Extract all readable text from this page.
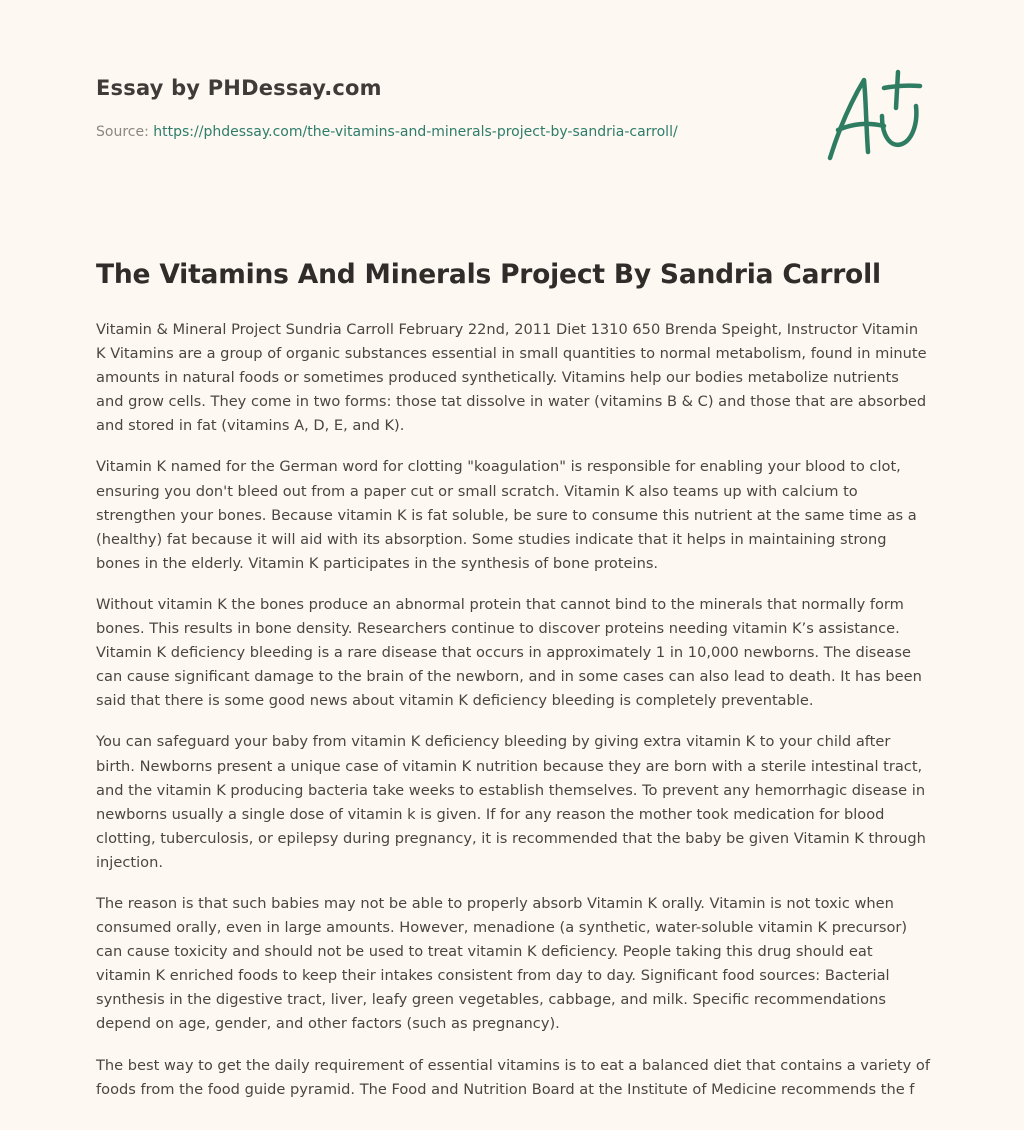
Essay by PHDessay.com
Source: https://phdessay.com/the-vitamins-and-minerals-project-by-sandria-carroll/
The Vitamins And Minerals Project By Sandria Carroll

Vitamin & Mineral Project Sundria Carroll February 22nd, 2011 Diet 1310 650 Brenda Speight, Instructor Vitamin K Vitamins are a group of organic substances essential in small quantities to normal metabolism, found in minute amounts in natural foods or sometimes produced synthetically. Vitamins help our bodies metabolize nutrients and grow cells. They come in two forms: those tat dissolve in water (vitamins B & C) and those that are absorbed and stored in fat (vitamins A, D, E, and K).

Vitamin K named for the German word for clotting "koagulation" is responsible for enabling your blood to clot, ensuring you don't bleed out from a paper cut or small scratch. Vitamin K also teams up with calcium to strengthen your bones. Because vitamin K is fat soluble, be sure to consume this nutrient at the same time as a (healthy) fat because it will aid with its absorption. Some studies indicate that it helps in maintaining strong bones in the elderly. Vitamin K participates in the synthesis of bone proteins.

Without vitamin K the bones produce an abnormal protein that cannot bind to the minerals that normally form bones. This results in bone density. Researchers continue to discover proteins needing vitamin K’s assistance. Vitamin K deficiency bleeding is a rare disease that occurs in approximately 1 in 10,000 newborns. The disease can cause significant damage to the brain of the newborn, and in some cases can also lead to death. It has been said that there is some good news about vitamin K deficiency bleeding is completely preventable.

You can safeguard your baby from vitamin K deficiency bleeding by giving extra vitamin K to your child after birth. Newborns present a unique case of vitamin K nutrition because they are born with a sterile intestinal tract, and the vitamin K producing bacteria take weeks to establish themselves. To prevent any hemorrhagic disease in newborns usually a single dose of vitamin k is given. If for any reason the mother took medication for blood clotting, tuberculosis, or epilepsy during pregnancy, it is recommended that the baby be given Vitamin K through injection.

The reason is that such babies may not be able to properly absorb Vitamin K orally. Vitamin is not toxic when consumed orally, even in large amounts. However, menadione (a synthetic, water-soluble vitamin K precursor) can cause toxicity and should not be used to treat vitamin K deficiency. People taking this drug should eat vitamin K enriched foods to keep their intakes consistent from day to day. Significant food sources: Bacterial synthesis in the digestive tract, liver, leafy green vegetables, cabbage, and milk. Specific recommendations depend on age, gender, and other factors (such as pregnancy).

The best way to get the daily requirement of essential vitamins is to eat a balanced diet that contains a variety of foods from the food guide pyramid. The Food and Nutrition Board at the Institute of Medicine recommends the f
